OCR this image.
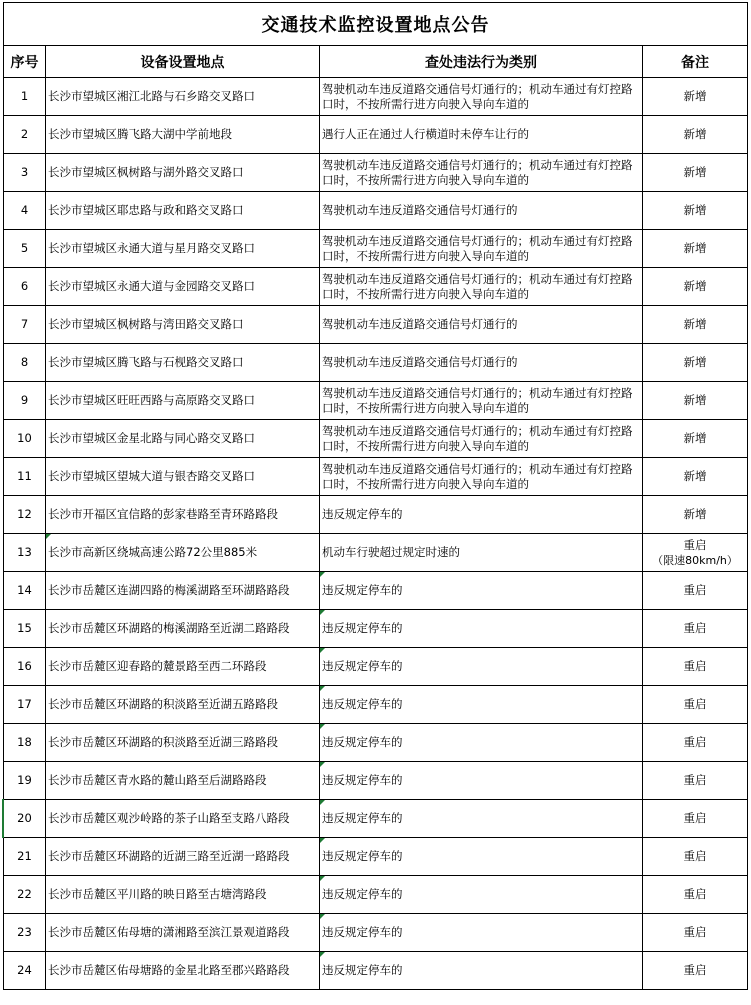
交通技术监控设置地点公告			
序号	设备设置地点	查处违法行为类别	备注
1	长沙市望城区湘江北路与石乡路交叉路口	驾驶机动车违反道路交通信号灯通行的；机动车通过有灯控路口时，不按所需行进方向驶入导向车道的	新增
2	长沙市望城区腾飞路大湖中学前地段	遇行人正在通过人行横道时未停车让行的	新增
3	长沙市望城区枫树路与湖外路交叉路口	驾驶机动车违反道路交通信号灯通行的；机动车通过有灯控路口时，不按所需行进方向驶入导向车道的	新增
4	长沙市望城区耶忠路与政和路交叉路口	驾驶机动车违反道路交通信号灯通行的	新增
5	长沙市望城区永通大道与星月路交叉路口	驾驶机动车违反道路交通信号灯通行的；机动车通过有灯控路口时，不按所需行进方向驶入导向车道的	新增
6	长沙市望城区永通大道与金园路交叉路口	驾驶机动车违反道路交通信号灯通行的；机动车通过有灯控路口时，不按所需行进方向驶入导向车道的	新增
7	长沙市望城区枫树路与湾田路交叉路口	驾驶机动车违反道路交通信号灯通行的	新增
8	长沙市望城区腾飞路与石枧路交叉路口	驾驶机动车违反道路交通信号灯通行的	新增
9	长沙市望城区旺旺西路与高原路交叉路口	驾驶机动车违反道路交通信号灯通行的；机动车通过有灯控路口时，不按所需行进方向驶入导向车道的	新增
10	长沙市望城区金星北路与同心路交叉路口	驾驶机动车违反道路交通信号灯通行的；机动车通过有灯控路口时，不按所需行进方向驶入导向车道的	新增
11	长沙市望城区望城大道与银杏路交叉路口	驾驶机动车违反道路交通信号灯通行的；机动车通过有灯控路口时，不按所需行进方向驶入导向车道的	新增
12	长沙市开福区宜信路的彭家巷路至青环路路段	违反规定停车的	新增
13	长沙市高新区绕城高速公路72公里885米	机动车行驶超过规定时速的	重启
（限速80km/h）

14	长沙市岳麓区连湖四路的梅溪湖路至环湖路路段	违反规定停车的	重启
15	长沙市岳麓区环湖路的梅溪湖路至近湖二路路段	违反规定停车的	重启
16	长沙市岳麓区迎春路的麓景路至西二环路段	违反规定停车的	重启
17	长沙市岳麓区环湖路的积淡路至近湖五路路段	违反规定停车的	重启
18	长沙市岳麓区环湖路的积淡路至近湖三路路段	违反规定停车的	重启
19	长沙市岳麓区青水路的麓山路至后湖路路段	违反规定停车的	重启
20	长沙市岳麓区观沙岭路的茶子山路至支路八路段	违反规定停车的	重启
21	长沙市岳麓区环湖路的近湖三路至近湖一路路段	违反规定停车的	重启
22	长沙市岳麓区平川路的映日路至古塘湾路段	违反规定停车的	重启
23	长沙市岳麓区佑母塘的潇湘路至滨江景观道路段	违反规定停车的	重启
24	长沙市岳麓区佑母塘路的金星北路至郡兴路路段	违反规定停车的	重启
